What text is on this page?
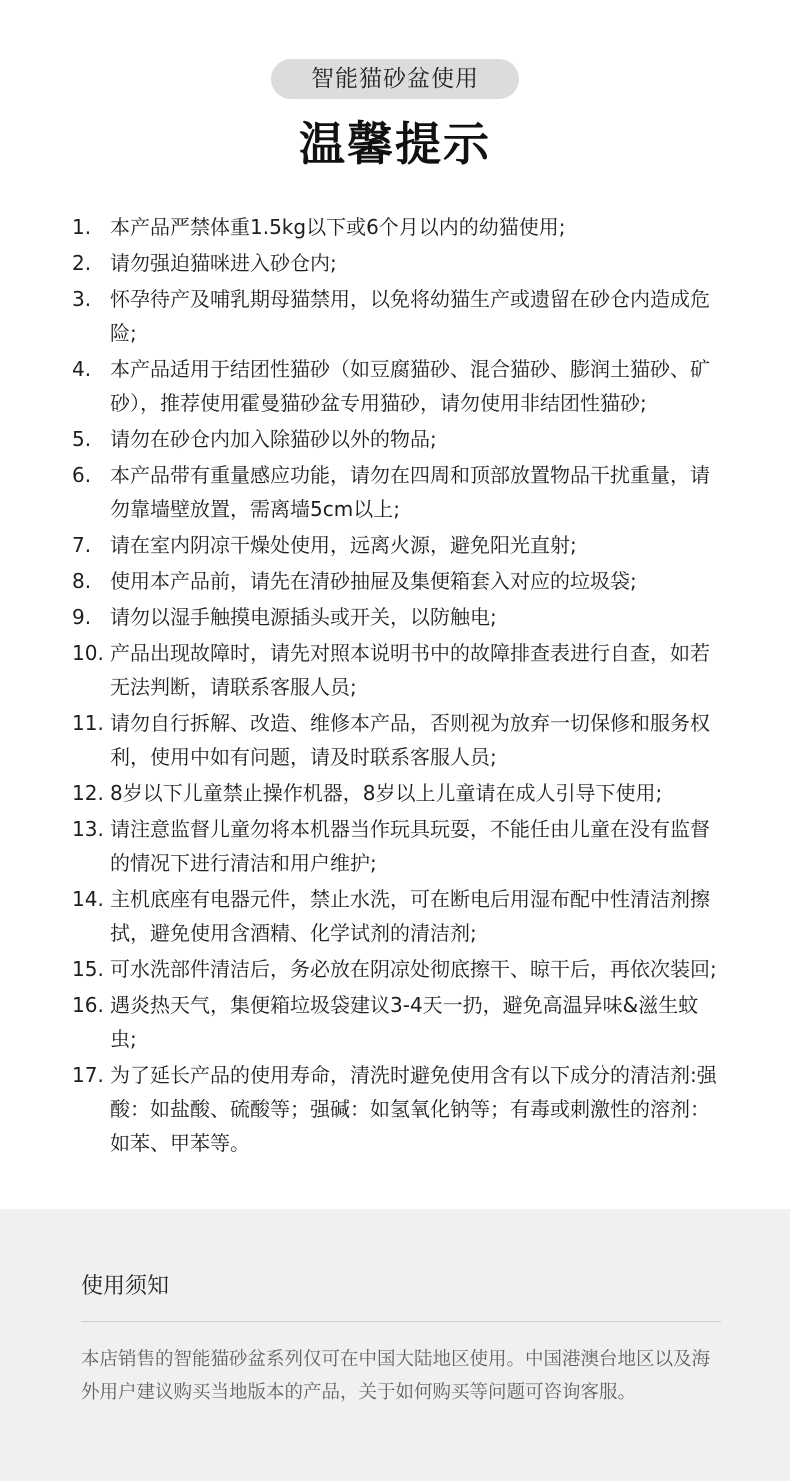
智能猫砂盆使用
温馨提示
1. 本产品严禁体重1.5kg以下或6个月以内的幼猫使用;
2. 请勿强迫猫咪进入砂仓内;
3. 怀孕待产及哺乳期母猫禁用，以免将幼猫生产或遗留在砂仓内造成危险;
4. 本产品适用于结团性猫砂（如豆腐猫砂、混合猫砂、膨润土猫砂、矿砂），推荐使用霍曼猫砂盆专用猫砂，请勿使用非结团性猫砂;
5. 请勿在砂仓内加入除猫砂以外的物品;
6. 本产品带有重量感应功能，请勿在四周和顶部放置物品干扰重量，请勿靠墙壁放置，需离墙5cm以上;
7. 请在室内阴凉干燥处使用，远离火源，避免阳光直射;
8. 使用本产品前，请先在清砂抽屉及集便箱套入对应的垃圾袋;
9. 请勿以湿手触摸电源插头或开关，以防触电;
10. 产品出现故障时，请先对照本说明书中的故障排查表进行自查，如若无法判断，请联系客服人员;
11. 请勿自行拆解、改造、维修本产品，否则视为放弃一切保修和服务权利，使用中如有问题，请及时联系客服人员;
12. 8岁以下儿童禁止操作机器，8岁以上儿童请在成人引导下使用;
13. 请注意监督儿童勿将本机器当作玩具玩耍，不能任由儿童在没有监督的情况下进行清洁和用户维护;
14. 主机底座有电器元件，禁止水洗，可在断电后用湿布配中性清洁剂擦拭，避免使用含酒精、化学试剂的清洁剂;
15. 可水洗部件清洁后，务必放在阴凉处彻底擦干、晾干后，再依次装回;
16. 遇炎热天气，集便箱垃圾袋建议3-4天一扔，避免高温异味&滋生蚊虫;
17. 为了延长产品的使用寿命，清洗时避免使用含有以下成分的清洁剂:强酸：如盐酸、硫酸等；强碱：如氢氧化钠等；有毒或刺激性的溶剂：如苯、甲苯等。
使用须知
本店销售的智能猫砂盆系列仅可在中国大陆地区使用。中国港澳台地区以及海外用户建议购买当地版本的产品，关于如何购买等问题可咨询客服。
